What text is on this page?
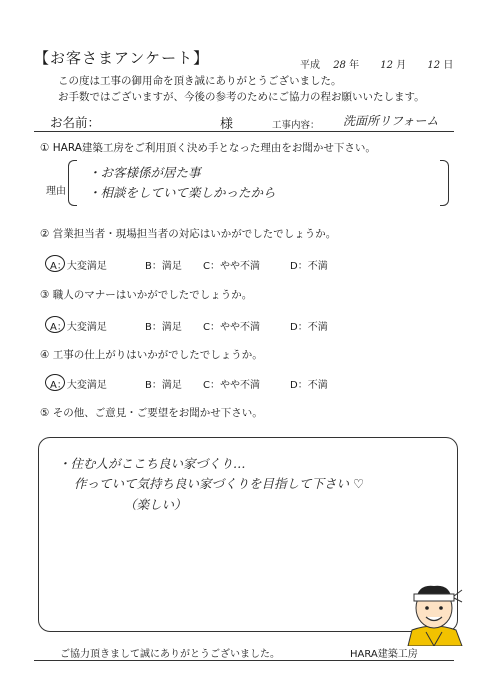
【お客さまアンケート】	平成 28 年 12 月 12 日
この度は工事の御用命を頂き誠にありがとうございました。
お手数ではございますが、今後の参考のためにご協力の程お願いいたします。
お名前：	様	工事内容： 洗面所リフォーム
① HARA建築工房をご利用頂く決め手となった理由をお聞かせ下さい。
理由
・お客様係が居た事
・相談をしていて楽しかったから
② 営業担当者・現場担当者の対応はいかがでしたでしょうか。
A：大変満足	B：満足 C：やや不満	D：不満
③ 職人のマナーはいかがでしたでしょうか。
A：大変満足	B：満足 C：やや不満	D：不満
④ 工事の仕上がりはいかがでしたでしょうか。
A：大変満足	B：満足 C：やや不満	D：不満
⑤ その他、ご意見・ご要望をお聞かせ下さい。
・住む人がここち良い家づくり…
作っていて気持ち良い家づくりを目指して下さい ♡
（楽しい）
ご協力頂きまして誠にありがとうございました。	HARA建築工房
